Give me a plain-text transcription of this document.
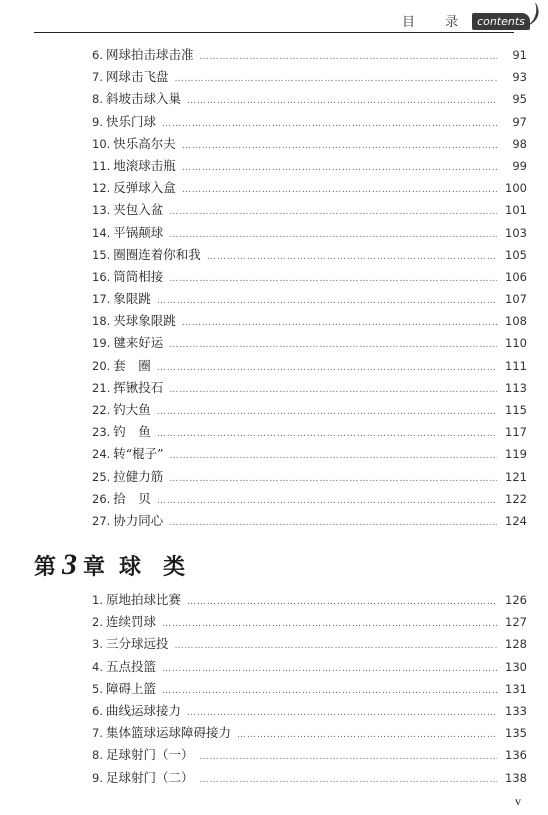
目 录 contents
6. 网球拍击球击准 ……………………………………………………………………………………………………………………………………	91
7. 网球击飞盘 ……………………………………………………………………………………………………………………………………	93
8. 斜坡击球入巢 ……………………………………………………………………………………………………………………………………	95
9. 快乐门球 ……………………………………………………………………………………………………………………………………	97
10. 快乐高尔夫 ……………………………………………………………………………………………………………………………………	98
11. 地滚球击瓶 ……………………………………………………………………………………………………………………………………	99
12. 反弹球入盒 ……………………………………………………………………………………………………………………………………	100
13. 夹包入盆 ……………………………………………………………………………………………………………………………………	101
14. 平锅颠球 ……………………………………………………………………………………………………………………………………	103
15. 圈圈连着你和我 ……………………………………………………………………………………………………………………………………	105
16. 筒筒相接 ……………………………………………………………………………………………………………………………………	106
17. 象限跳 ……………………………………………………………………………………………………………………………………	107
18. 夹球象限跳 ……………………………………………………………………………………………………………………………………	108
19. 毽来好运 ……………………………………………………………………………………………………………………………………	110
20. 套　圈 ……………………………………………………………………………………………………………………………………	111
21. 挥锹投石 ……………………………………………………………………………………………………………………………………	113
22. 钓大鱼 ……………………………………………………………………………………………………………………………………	115
23. 钓　鱼 ……………………………………………………………………………………………………………………………………	117
24. 转“棍子” ……………………………………………………………………………………………………………………………………	119
25. 拉健力筋 ……………………………………………………………………………………………………………………………………	121
26. 拾　贝 ……………………………………………………………………………………………………………………………………	122
27. 协力同心 ……………………………………………………………………………………………………………………………………	124
第 3 章 球类
1. 原地拍球比赛 ……………………………………………………………………………………………………………………………………	126
2. 连续罚球 ……………………………………………………………………………………………………………………………………	127
3. 三分球远投 ……………………………………………………………………………………………………………………………………	128
4. 五点投篮 ……………………………………………………………………………………………………………………………………	130
5. 障碍上篮 ……………………………………………………………………………………………………………………………………	131
6. 曲线运球接力 ……………………………………………………………………………………………………………………………………	133
7. 集体篮球运球障碍接力 ……………………………………………………………………………………………………………………………………	135
8. 足球射门（一） ……………………………………………………………………………………………………………………………………	136
9. 足球射门（二） ……………………………………………………………………………………………………………………………………	138
v
